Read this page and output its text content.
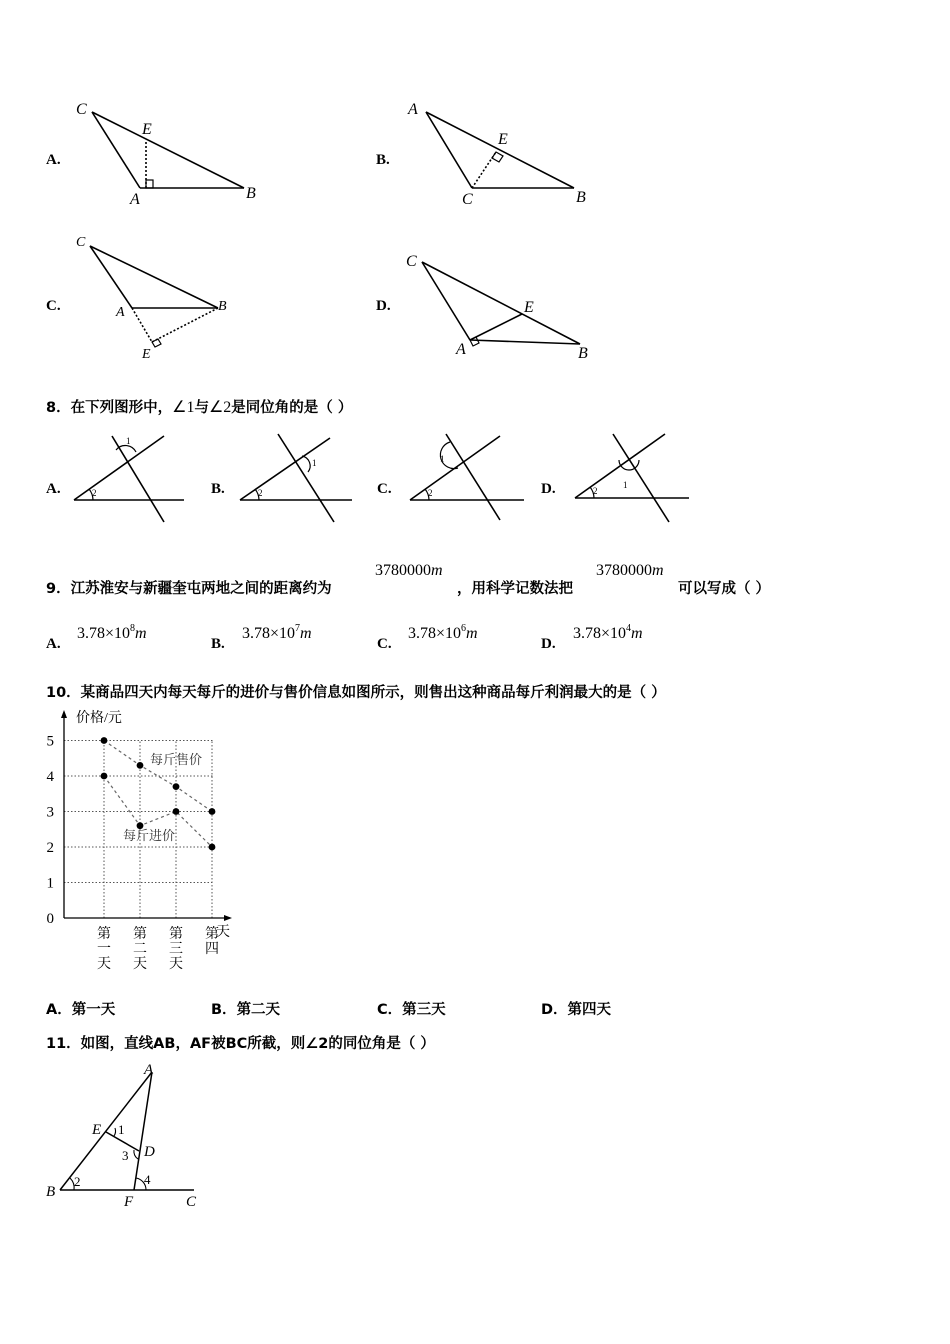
A.
C
E
A	B
B.
A
E
C	B
C.
C
A	B
E
D.
C
E
A	B
8．在下列图形中，∠1与∠2是同位角的是（ ）
A.	2
1
B.	2
1
C.	2
1
D.	2
1
9．江苏淮安与新疆奎屯两地之间的距离约为
3780000m
，用科学记数法把
3780000m
可以写成（ ）
A.
$3.78\times 10^8m$
B.
$3.78\times 10^7m$
C.
$3.78\times 10^6m$
D.
$3.78\times 10^4m$
10．某商品四天内每天每斤的进价与售价信息如图所示，则售出这种商品每斤利润最大的是（ ）
价格/元
0
1
2
3
4
5
第
一
天
第
二
天
第
三
天
第
四
天
每斤售价
每斤进价
A．第一天	B．第二天	C．第三天	D．第四天
11．如图，直线AB，AF被BC所截，则∠2的同位角是（ ）
A
E
D
B
F	C
1
2
3
4
